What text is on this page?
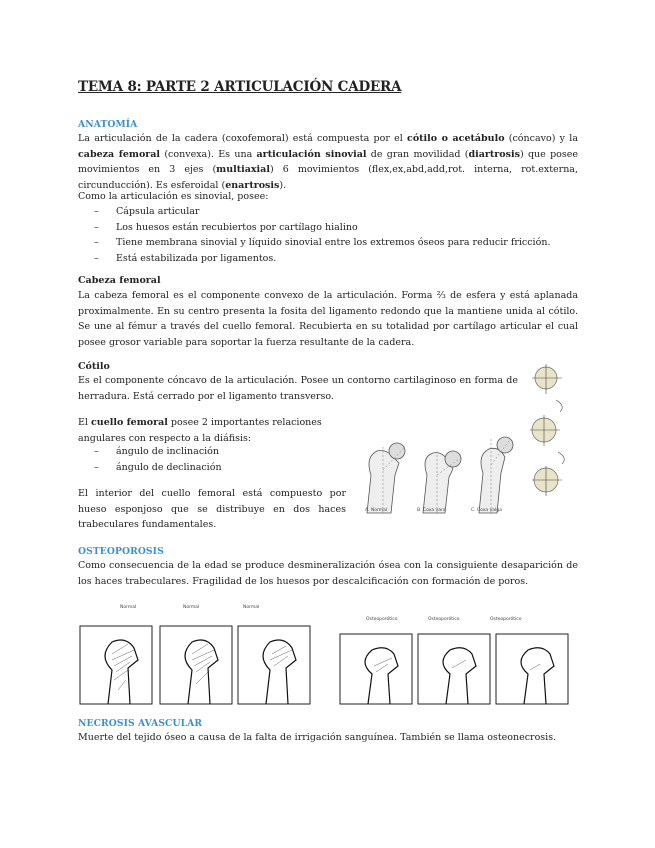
TEMA 8: PARTE 2 ARTICULACIÓN CADERA
ANATOMÍA

La articulación de la cadera (coxofemoral) está compuesta por el cótilo o acetábulo (cóncavo) y la cabeza femoral (convexa). Es una articulación sinovial de gran movilidad (diartrosis) que posee movimientos en 3 ejes (multiaxial) 6 movimientos (flex,ex,abd,add,rot. interna, rot.externa, circunducción). Es esferoidal (enartrosis).

Como la articulación es sinovial, posee:
– Cápsula articular
– Los huesos están recubiertos por cartílago hialino
– Tiene membrana sinovial y líquido sinovial entre los extremos óseos para reducir fricción.
– Está estabilizada por ligamentos.
Cabeza femoral

La cabeza femoral es el componente convexo de la articulación. Forma ⅔ de esfera y está aplanada proximalmente. En su centro presenta la fosita del ligamento redondo que la mantiene unida al cótilo. Se une al fémur a través del cuello femoral. Recubierta en su totalidad por cartílago articular el cual posee grosor variable para soportar la fuerza resultante de la cadera.

Cótilo

Es el componente cóncavo de la articulación. Posee un contorno cartilaginoso en forma de herradura. Está cerrado por el ligamento transverso.

El cuello femoral posee 2 importantes relaciones angulares con respecto a la diáfisis:

– ángulo de inclinación
– ángulo de declinación

El interior del cuello femoral está compuesto por hueso esponjoso que se distribuye en dos haces trabeculares fundamentales.

A. Normal	B. Coxa vara	C. Coxa valga
OSTEOPOROSIS

Como consecuencia de la edad se produce desmineralización ósea con la consiguiente desaparición de los haces trabeculares. Fragilidad de los huesos por descalcificación con formación de poros.

Normal	Normal	Normal
Osteoporótico	Osteoporótico	Osteoporótico
NECROSIS AVASCULAR

Muerte del tejido óseo a causa de la falta de irrigación sanguínea. También se llama osteonecrosis.
